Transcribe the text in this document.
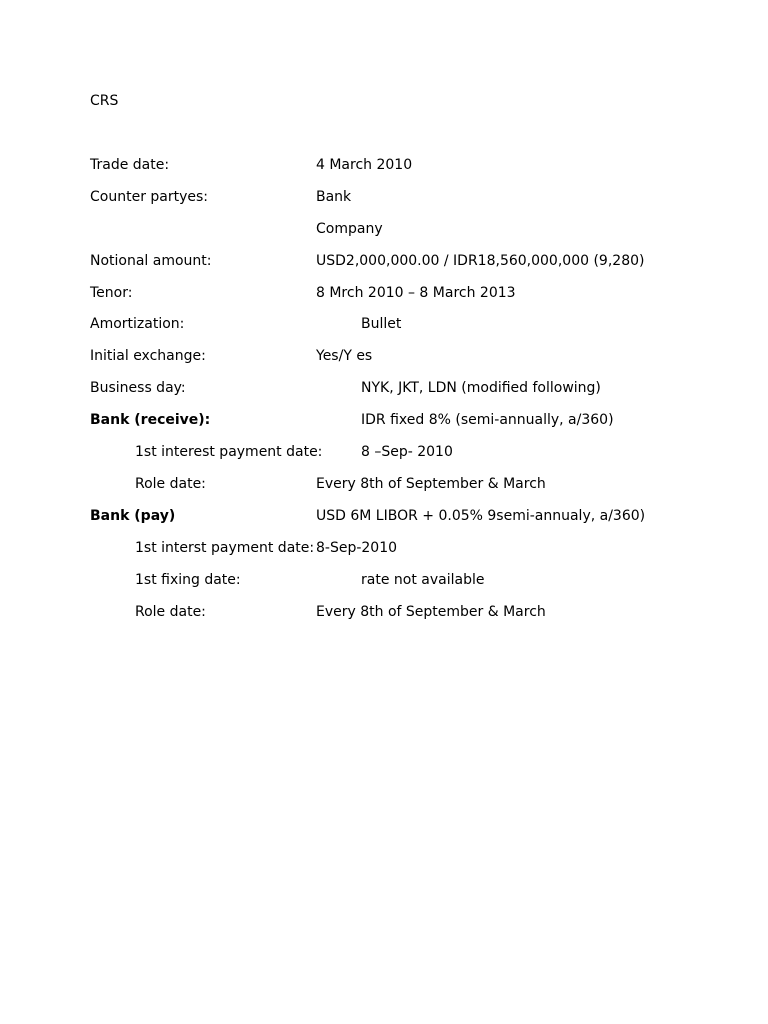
CRS
Trade date:	4 March 2010
Counter partyes:	Bank
Company
Notional amount:	USD2,000,000.00 / IDR18,560,000,000 (9,280)
Tenor:	8 Mrch 2010 – 8 March 2013
Amortization:	Bullet
Initial exchange:	Yes/Y es
Business day:	NYK, JKT, LDN (modified following)
Bank (receive):	IDR fixed 8% (semi-annually, a/360)
1st interest payment date:	8 –Sep- 2010
Role date:	Every 8th of September & March
Bank (pay)	USD 6M LIBOR + 0.05% 9semi-annualy, a/360)
1st interst payment date: 8-Sep-2010
1st fixing date:	rate not available
Role date:	Every 8th of September & March
